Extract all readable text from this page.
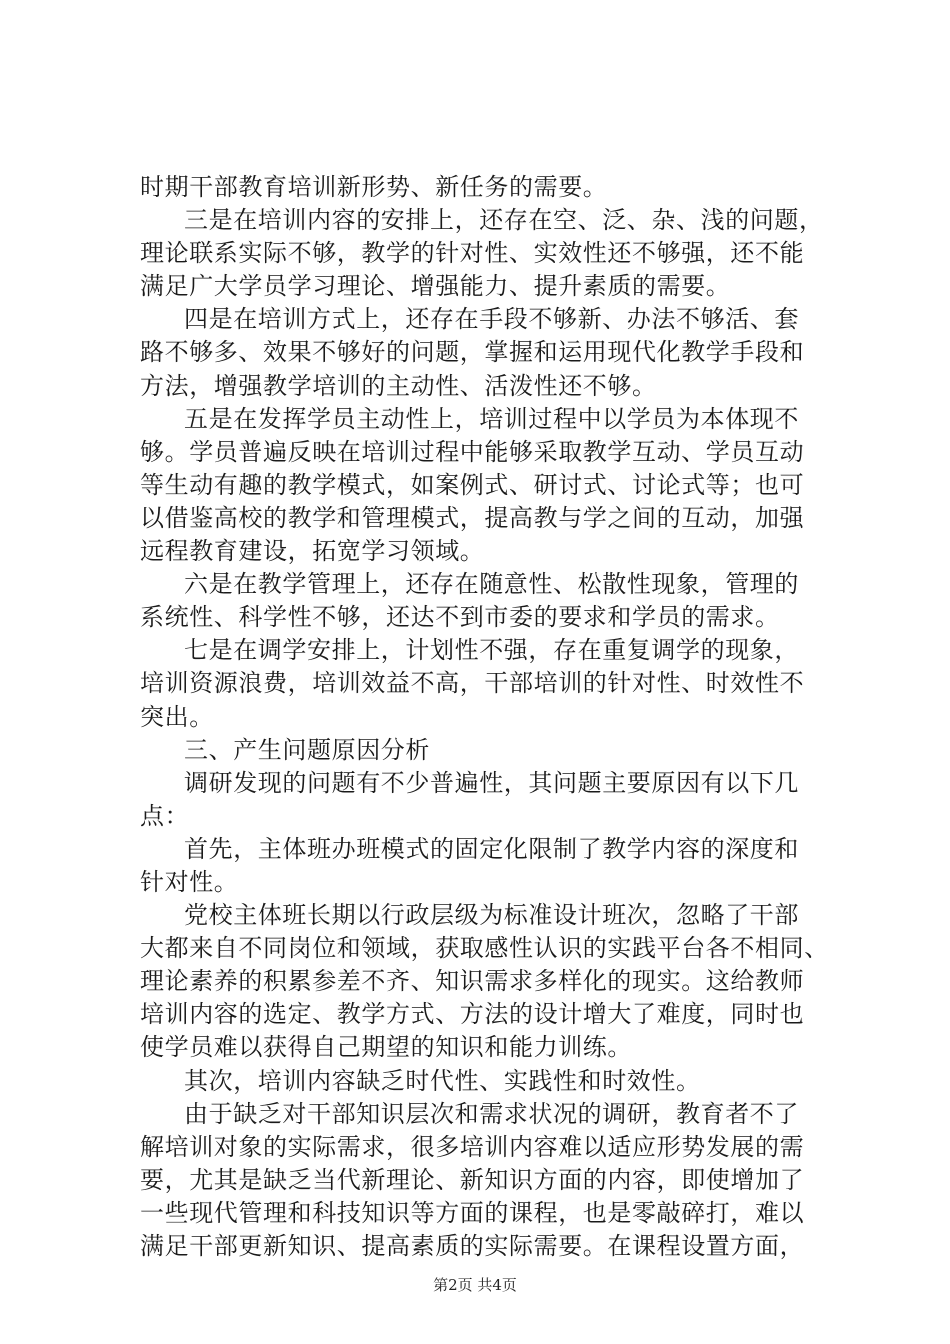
时期干部教育培训新形势、新任务的需要。
三是在培训内容的安排上，还存在空、泛、杂、浅的问题，
理论联系实际不够，教学的针对性、实效性还不够强，还不能
满足广大学员学习理论、增强能力、提升素质的需要。
四是在培训方式上，还存在手段不够新、办法不够活、套
路不够多、效果不够好的问题，掌握和运用现代化教学手段和
方法，增强教学培训的主动性、活泼性还不够。
五是在发挥学员主动性上，培训过程中以学员为本体现不
够。学员普遍反映在培训过程中能够采取教学互动、学员互动
等生动有趣的教学模式，如案例式、研讨式、讨论式等；也可
以借鉴高校的教学和管理模式，提高教与学之间的互动，加强
远程教育建设，拓宽学习领域。
六是在教学管理上，还存在随意性、松散性现象，管理的
系统性、科学性不够，还达不到市委的要求和学员的需求。
七是在调学安排上，计划性不强，存在重复调学的现象，
培训资源浪费，培训效益不高，干部培训的针对性、时效性不
突出。
三、产生问题原因分析
调研发现的问题有不少普遍性，其问题主要原因有以下几
点：
首先，主体班办班模式的固定化限制了教学内容的深度和
针对性。
党校主体班长期以行政层级为标准设计班次，忽略了干部
大都来自不同岗位和领域，获取感性认识的实践平台各不相同、
理论素养的积累参差不齐、知识需求多样化的现实。这给教师
培训内容的选定、教学方式、方法的设计增大了难度，同时也
使学员难以获得自己期望的知识和能力训练。
其次，培训内容缺乏时代性、实践性和时效性。
由于缺乏对干部知识层次和需求状况的调研，教育者不了
解培训对象的实际需求，很多培训内容难以适应形势发展的需
要，尤其是缺乏当代新理论、新知识方面的内容，即使增加了
一些现代管理和科技知识等方面的课程，也是零敲碎打，难以
满足干部更新知识、提高素质的实际需要。在课程设置方面，
第2页 共4页
